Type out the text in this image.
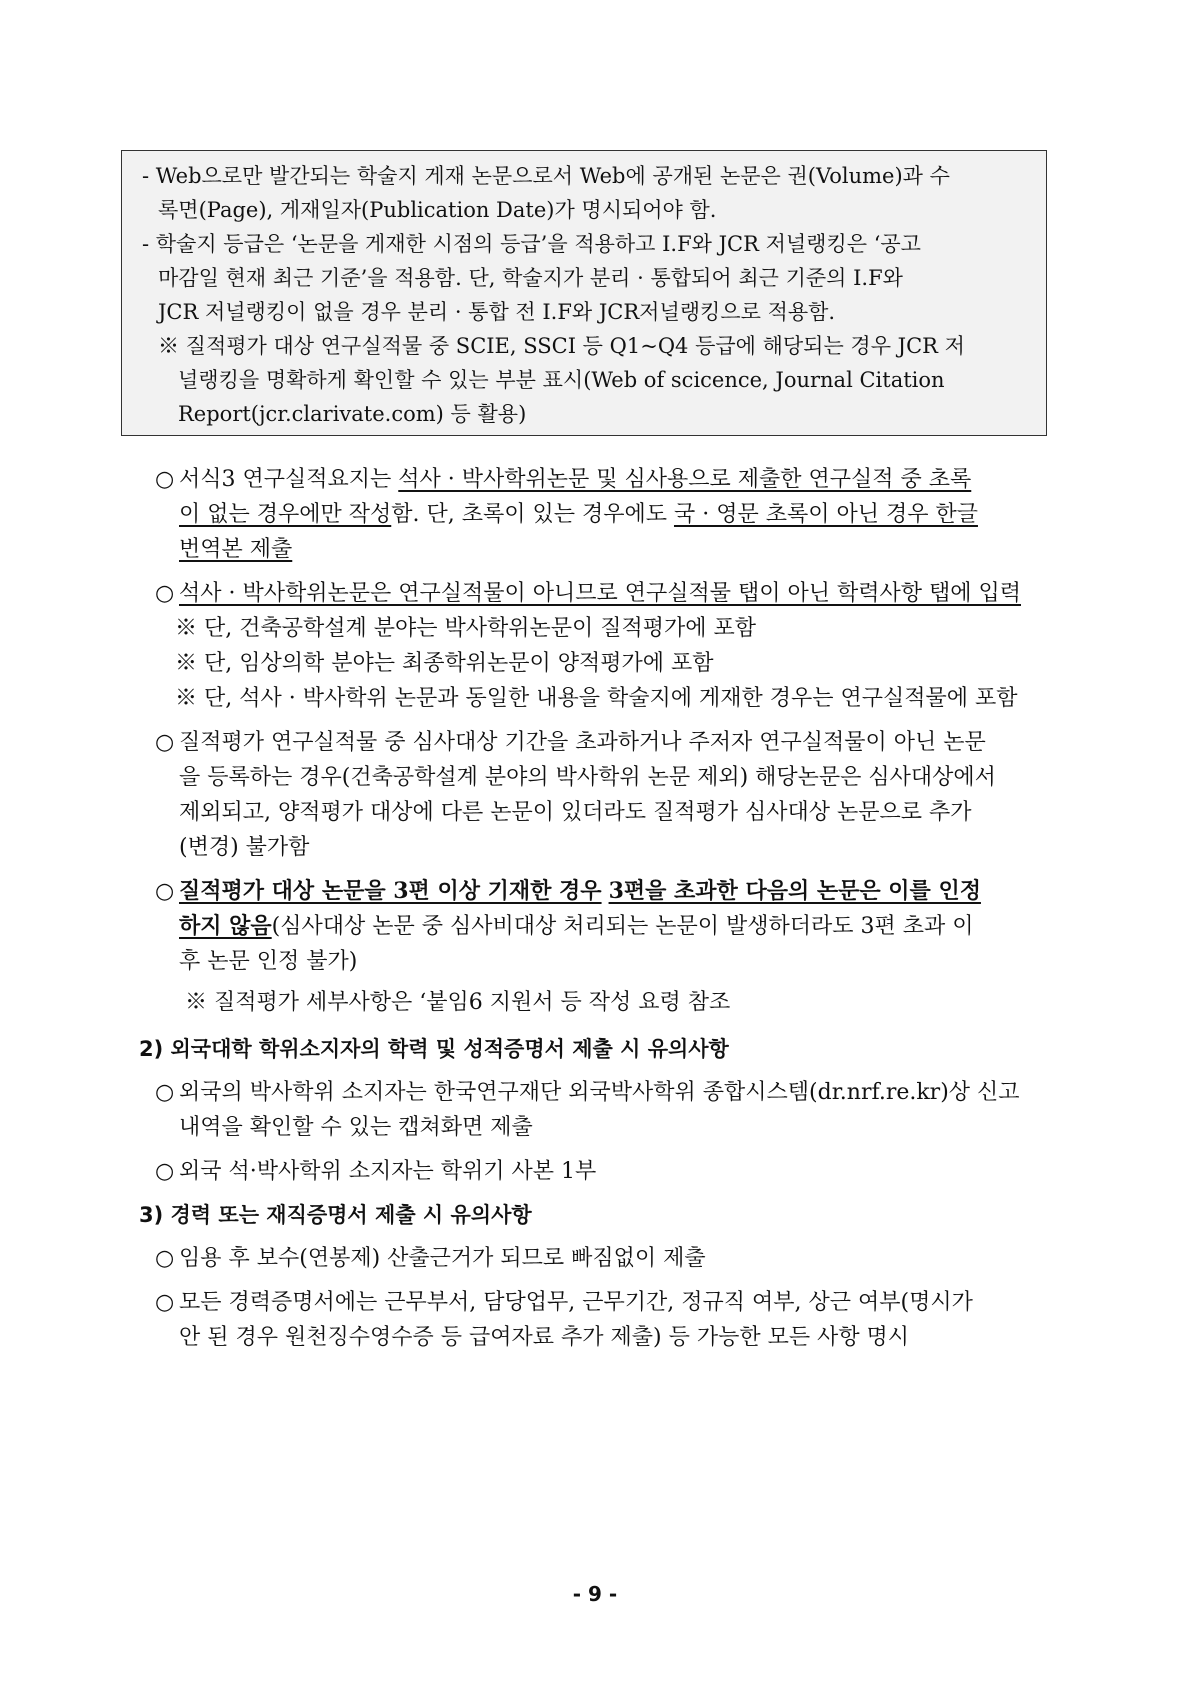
- Web으로만 발간되는 학술지 게재 논문으로서 Web에 공개된 논문은 권(Volume)과 수
록면(Page), 게재일자(Publication Date)가 명시되어야 함.
- 학술지 등급은 ‘논문을 게재한 시점의 등급’을 적용하고 I.F와 JCR 저널랭킹은 ‘공고
마감일 현재 최근 기준’을 적용함. 단, 학술지가 분리 · 통합되어 최근 기준의 I.F와
JCR 저널랭킹이 없을 경우 분리 · 통합 전 I.F와 JCR저널랭킹으로 적용함.
※ 질적평가 대상 연구실적물 중 SCIE, SSCI 등 Q1~Q4 등급에 해당되는 경우 JCR 저
널랭킹을 명확하게 확인할 수 있는 부분 표시(Web of scicence, Journal Citation
Report(jcr.clarivate.com) 등 활용)
○ 서식3 연구실적요지는 석사 · 박사학위논문 및 심사용으로 제출한 연구실적 중 초록
이 없는 경우에만 작성함. 단, 초록이 있는 경우에도 국 · 영문 초록이 아닌 경우 한글
번역본 제출
○ 석사 · 박사학위논문은 연구실적물이 아니므로 연구실적물 탭이 아닌 학력사항 탭에 입력
※ 단, 건축공학설계 분야는 박사학위논문이 질적평가에 포함
※ 단, 임상의학 분야는 최종학위논문이 양적평가에 포함
※ 단, 석사 · 박사학위 논문과 동일한 내용을 학술지에 게재한 경우는 연구실적물에 포함
○ 질적평가 연구실적물 중 심사대상 기간을 초과하거나 주저자 연구실적물이 아닌 논문
을 등록하는 경우(건축공학설계 분야의 박사학위 논문 제외) 해당논문은 심사대상에서
제외되고, 양적평가 대상에 다른 논문이 있더라도 질적평가 심사대상 논문으로 추가
(변경) 불가함
○ 질적평가 대상 논문을 3편 이상 기재한 경우 3편을 초과한 다음의 논문은 이를 인정
하지 않음(심사대상 논문 중 심사비대상 처리되는 논문이 발생하더라도 3편 초과 이
후 논문 인정 불가)
※ 질적평가 세부사항은 ‘붙임6 지원서 등 작성 요령 참조
2) 외국대학 학위소지자의 학력 및 성적증명서 제출 시 유의사항
○ 외국의 박사학위 소지자는 한국연구재단 외국박사학위 종합시스템(dr.nrf.re.kr)상 신고
내역을 확인할 수 있는 캡쳐화면 제출
○ 외국 석·박사학위 소지자는 학위기 사본 1부
3) 경력 또는 재직증명서 제출 시 유의사항
○ 임용 후 보수(연봉제) 산출근거가 되므로 빠짐없이 제출
○ 모든 경력증명서에는 근무부서, 담당업무, 근무기간, 정규직 여부, 상근 여부(명시가
안 된 경우 원천징수영수증 등 급여자료 추가 제출) 등 가능한 모든 사항 명시
- 9 -
